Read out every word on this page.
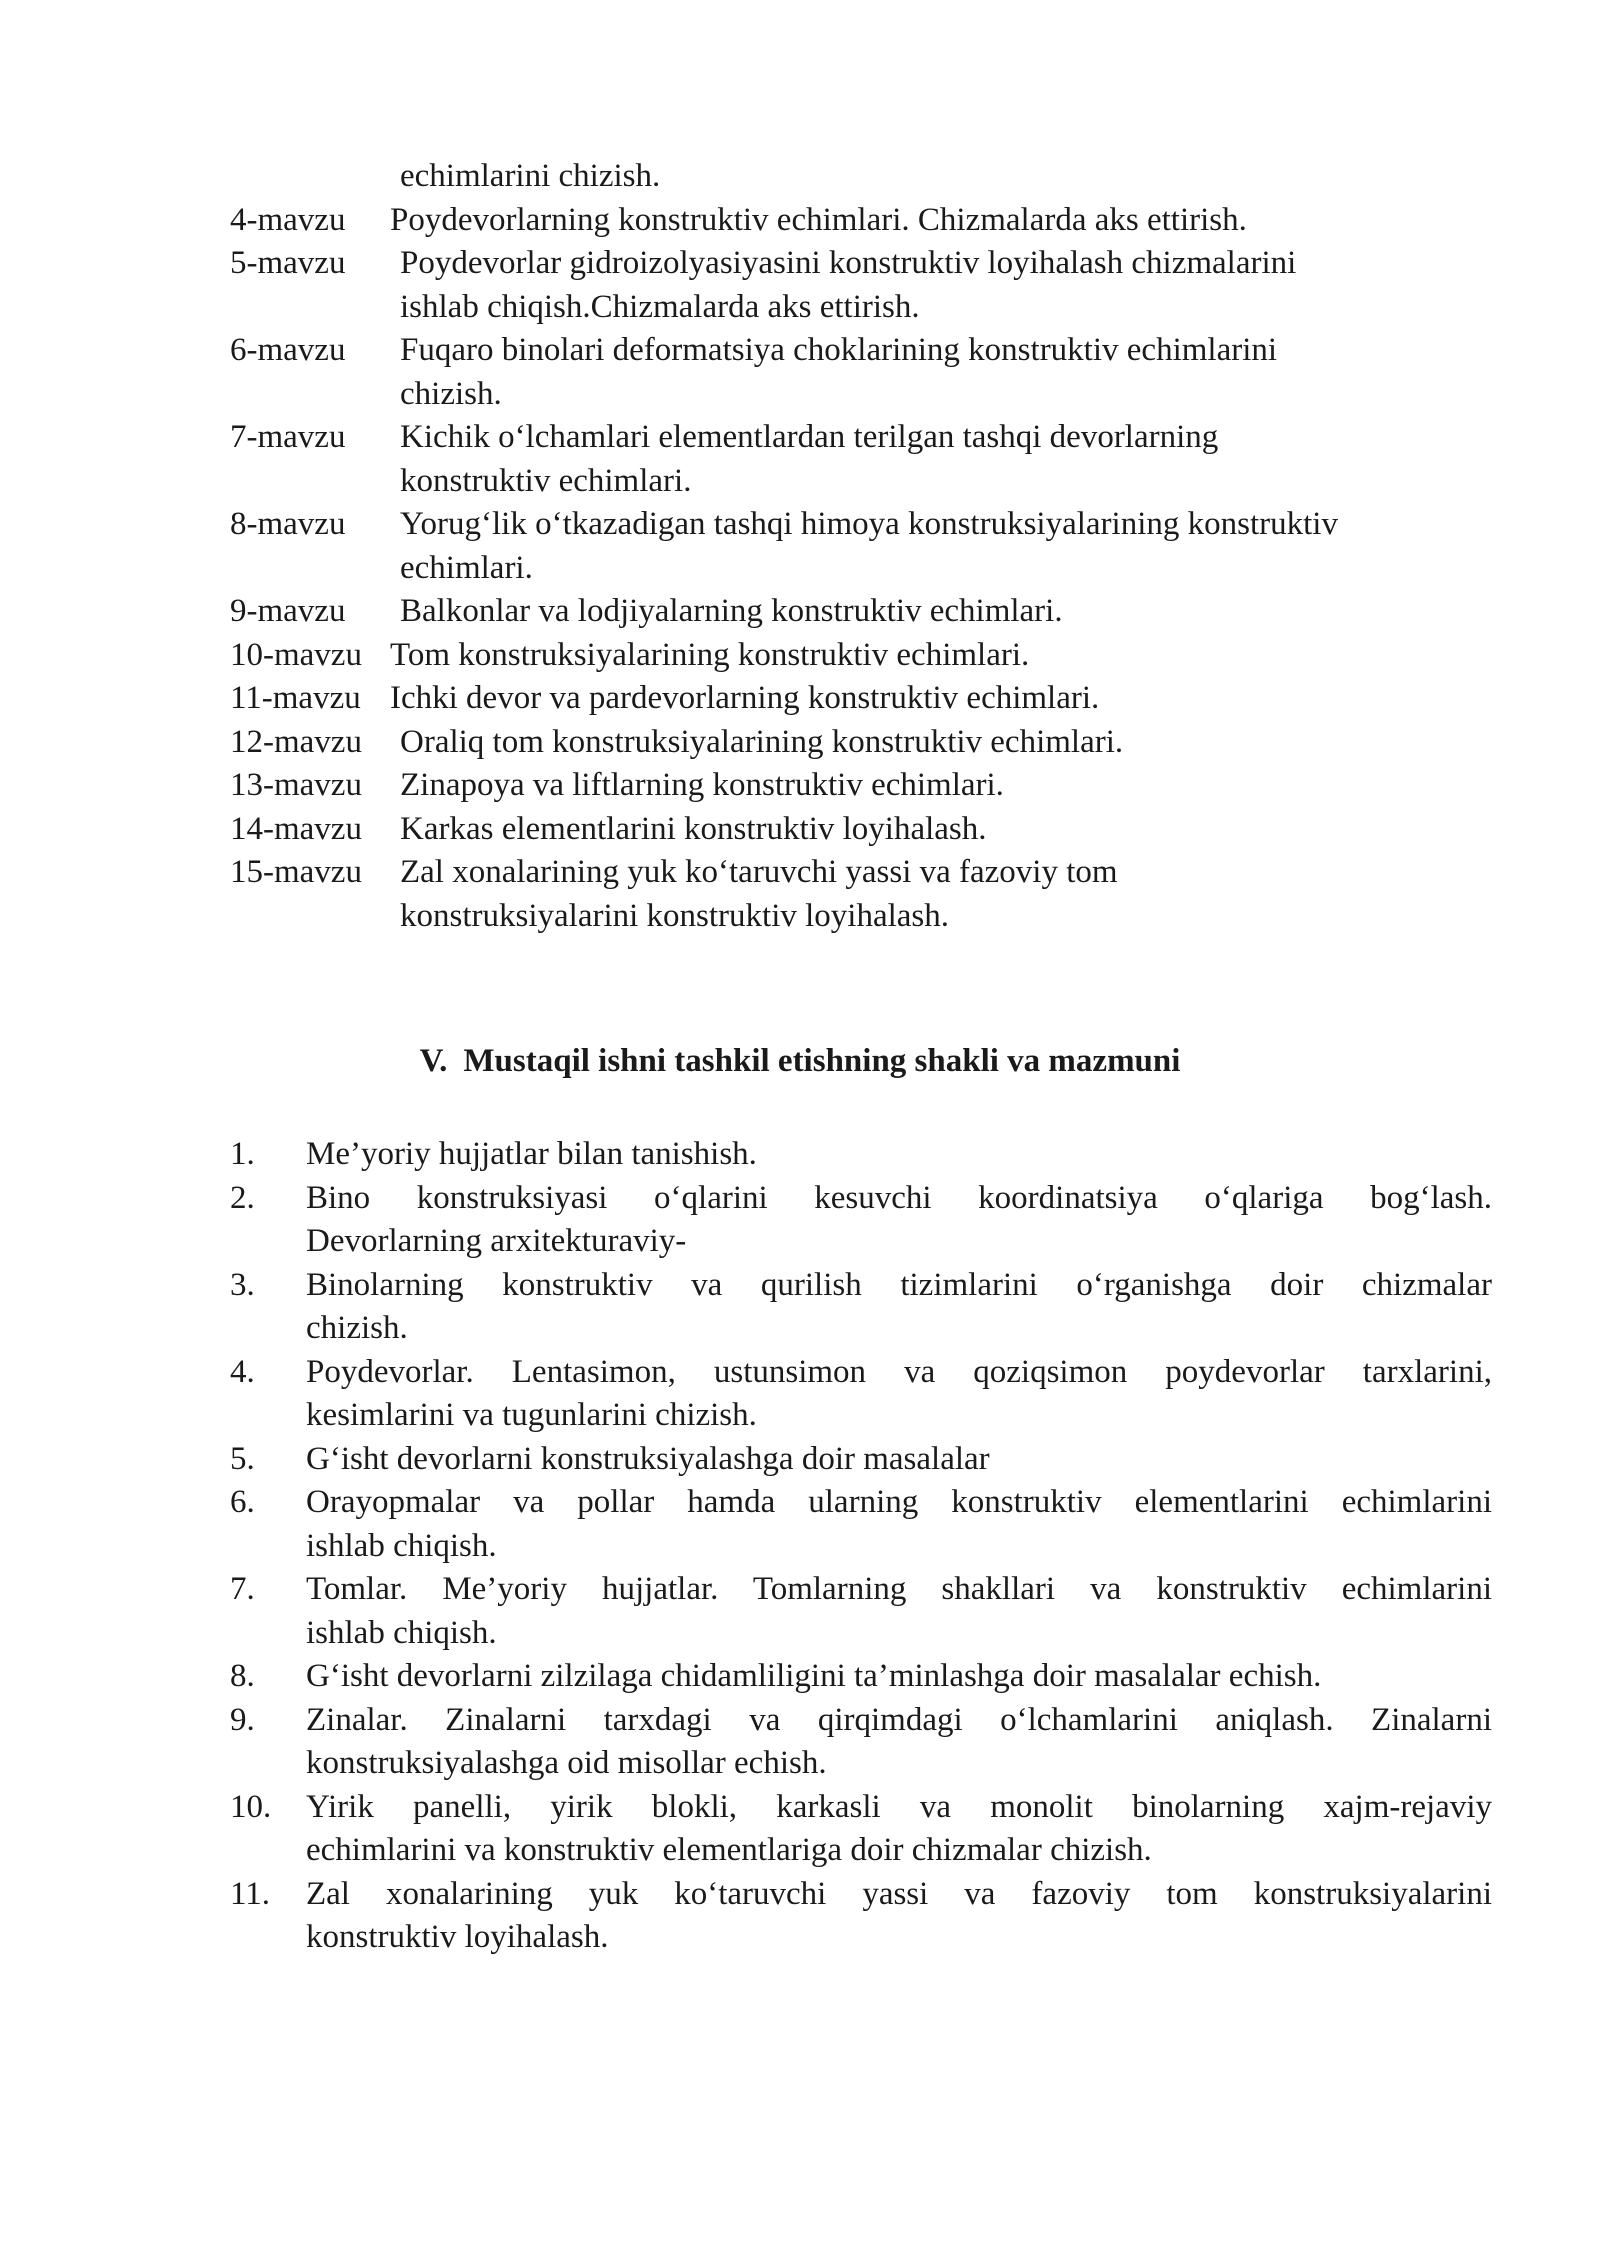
echimlarini chizish.
4-mavzu	Poydevorlarning konstruktiv echimlari. Chizmalarda aks ettirish.
5-mavzu	Poydevorlar gidroizolyasiyasini konstruktiv loyihalash chizmalarini
ishlab chiqish.Chizmalarda aks ettirish.
6-mavzu	Fuqaro binolari deformatsiya choklarining konstruktiv echimlarini
chizish.
7-mavzu	Kichik o‘lchamlari elementlardan terilgan tashqi devorlarning
konstruktiv echimlari.
8-mavzu	Yorug‘lik o‘tkazadigan tashqi himoya konstruksiyalarining konstruktiv
echimlari.
9-mavzu	Balkonlar va lodjiyalarning konstruktiv echimlari.
10-mavzu Tom konstruksiyalarining konstruktiv echimlari.
11-mavzu Ichki devor va pardevorlarning konstruktiv echimlari.
12-mavzu	Oraliq tom konstruksiyalarining konstruktiv echimlari.
13-mavzu	Zinapoya va liftlarning konstruktiv echimlari.
14-mavzu	Karkas elementlarini konstruktiv loyihalash.
15-mavzu	Zal xonalarining yuk ko‘taruvchi yassi va fazoviy tom
konstruksiyalarini konstruktiv loyihalash.
V. Mustaqil ishni tashkil etishning shakli va mazmuni
1.	Me’yoriy hujjatlar bilan tanishish.
2.	Bino konstruksiyasi o‘qlarini kesuvchi koordinatsiya o‘qlariga bog‘lash.
Devorlarning arxitekturaviy-
3.	Binolarning konstruktiv va qurilish tizimlarini o‘rganishga doir chizmalar
chizish.
4.	Poydevorlar. Lentasimon, ustunsimon va qoziqsimon poydevorlar tarxlarini,
kesimlarini va tugunlarini chizish.
5.	G‘isht devorlarni konstruksiyalashga doir masalalar
6.	Orayopmalar va pollar hamda ularning konstruktiv elementlarini echimlarini
ishlab chiqish.
7.	Tomlar. Me’yoriy hujjatlar. Tomlarning shakllari va konstruktiv echimlarini
ishlab chiqish.
8.	G‘isht devorlarni zilzilaga chidamliligini ta’minlashga doir masalalar echish.
9.	Zinalar. Zinalarni tarxdagi va qirqimdagi o‘lchamlarini aniqlash. Zinalarni
konstruksiyalashga oid misollar echish.
10.	Yirik panelli, yirik blokli, karkasli va monolit binolarning xajm-rejaviy
echimlarini va konstruktiv elementlariga doir chizmalar chizish.
11.	Zal xonalarining yuk ko‘taruvchi yassi va fazoviy tom konstruksiyalarini
konstruktiv loyihalash.
